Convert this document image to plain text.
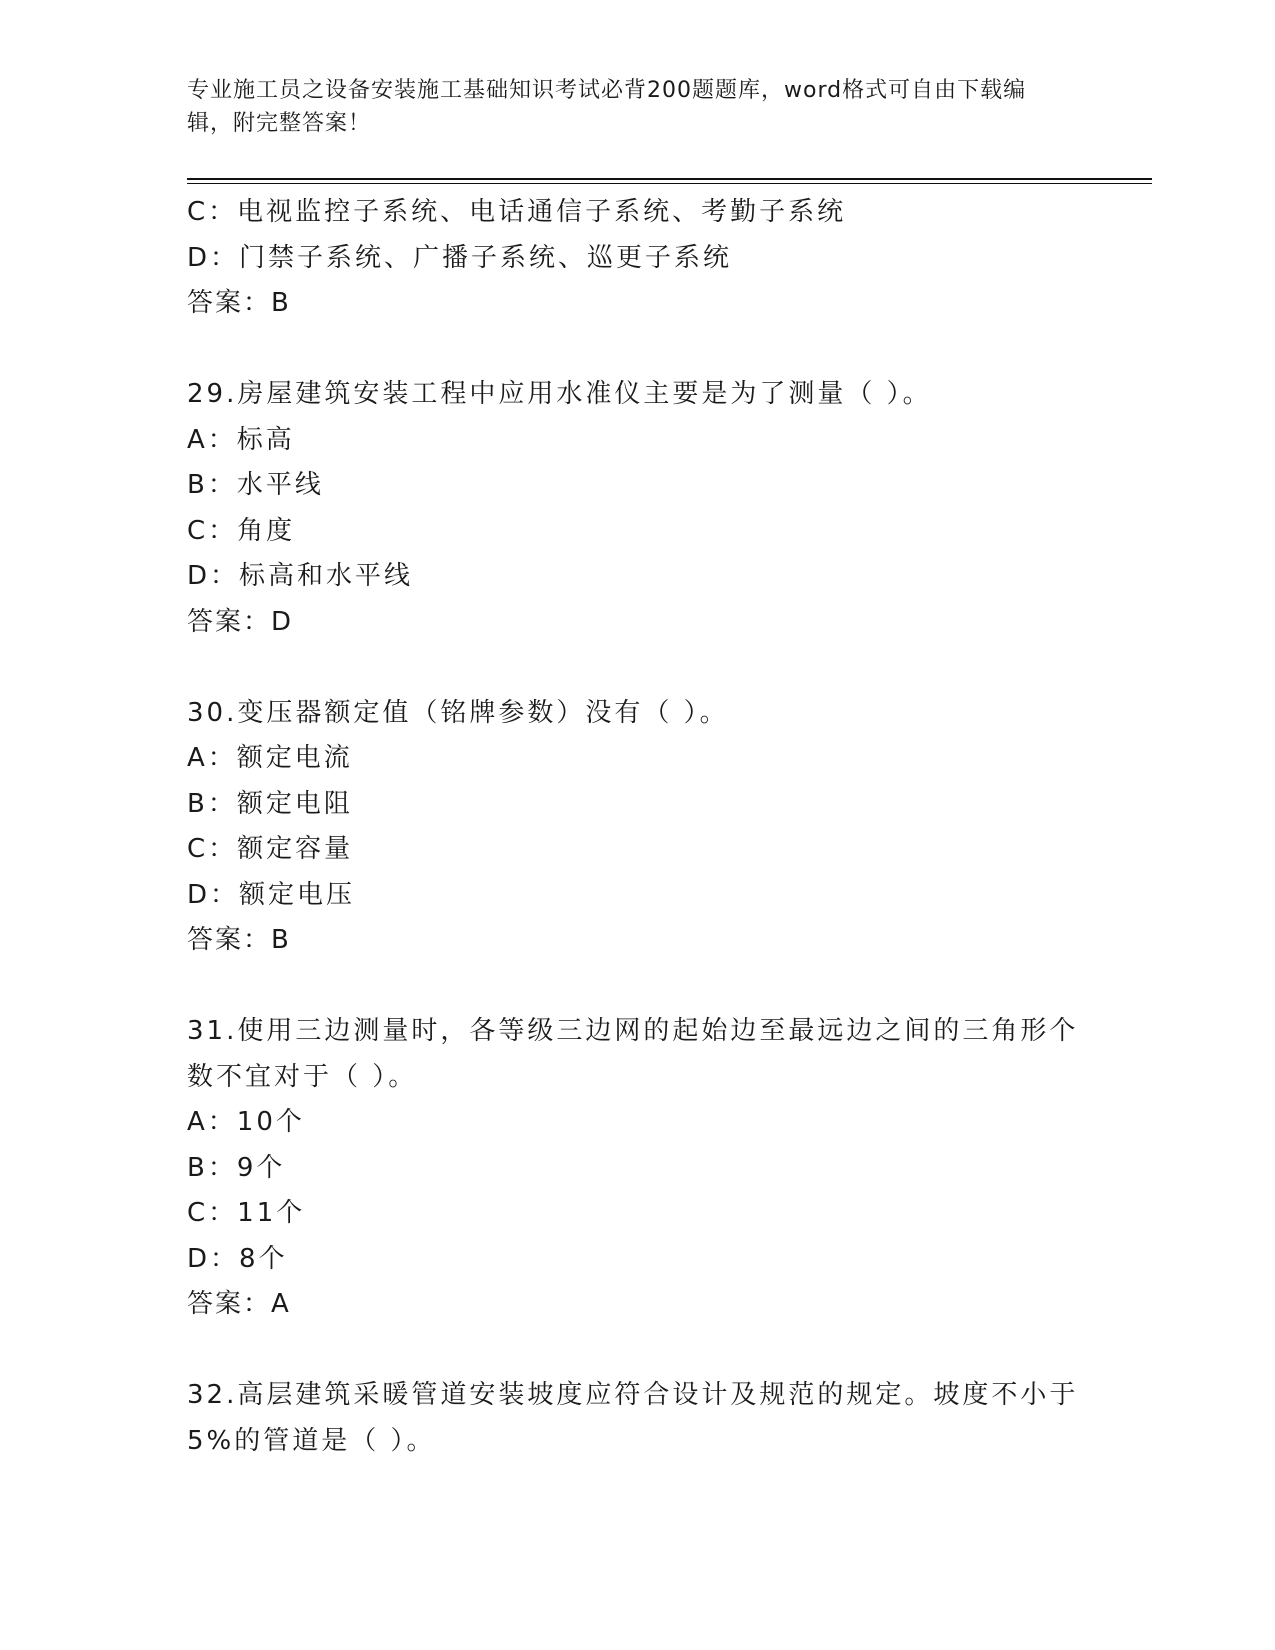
专业施工员之设备安装施工基础知识考试必背200题题库，word格式可自由下载编辑，附完整答案！
C：电视监控子系统、电话通信子系统、考勤子系统
D：门禁子系统、广播子系统、巡更子系统
答案：B
29.房屋建筑安装工程中应用水准仪主要是为了测量（ ）。
A：标高
B：水平线
C：角度
D：标高和水平线
答案：D
30.变压器额定值（铭牌参数）没有（ ）。
A：额定电流
B：额定电阻
C：额定容量
D：额定电压
答案：B
31.使用三边测量时，各等级三边网的起始边至最远边之间的三角形个数不宜对于（ ）。
A：10个
B：9个
C：11个
D：8个
答案：A
32.高层建筑采暖管道安装坡度应符合设计及规范的规定。坡度不小于5%的管道是（ ）。
